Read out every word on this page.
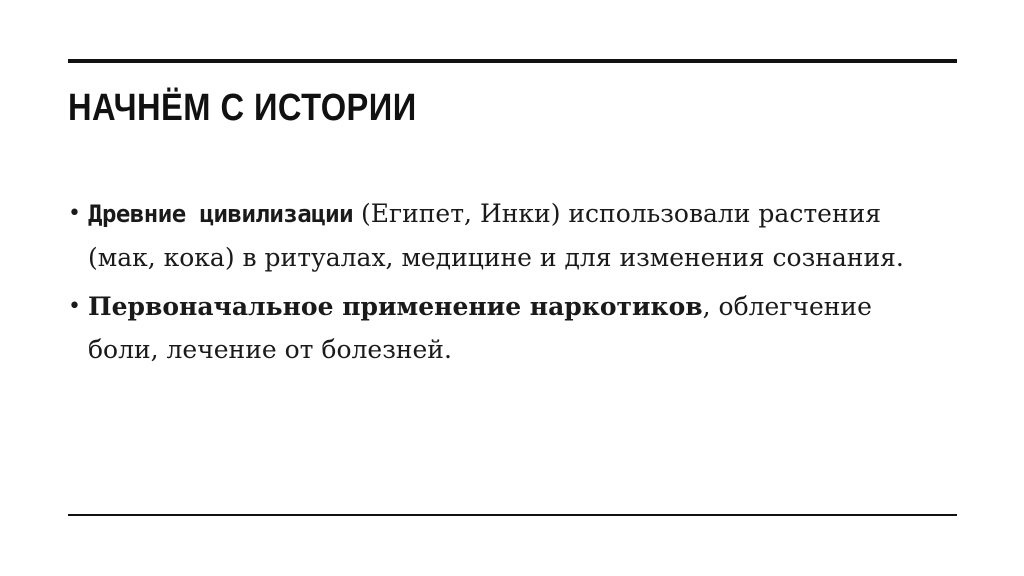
НАЧНЁМ С ИСТОРИИ
• Древние цивилизации (Египет, Инки) использовали растения (мак, кока) в ритуалах, медицине и для изменения сознания.
• Первоначальное применение наркотиков, облегчение боли, лечение от болезней.
